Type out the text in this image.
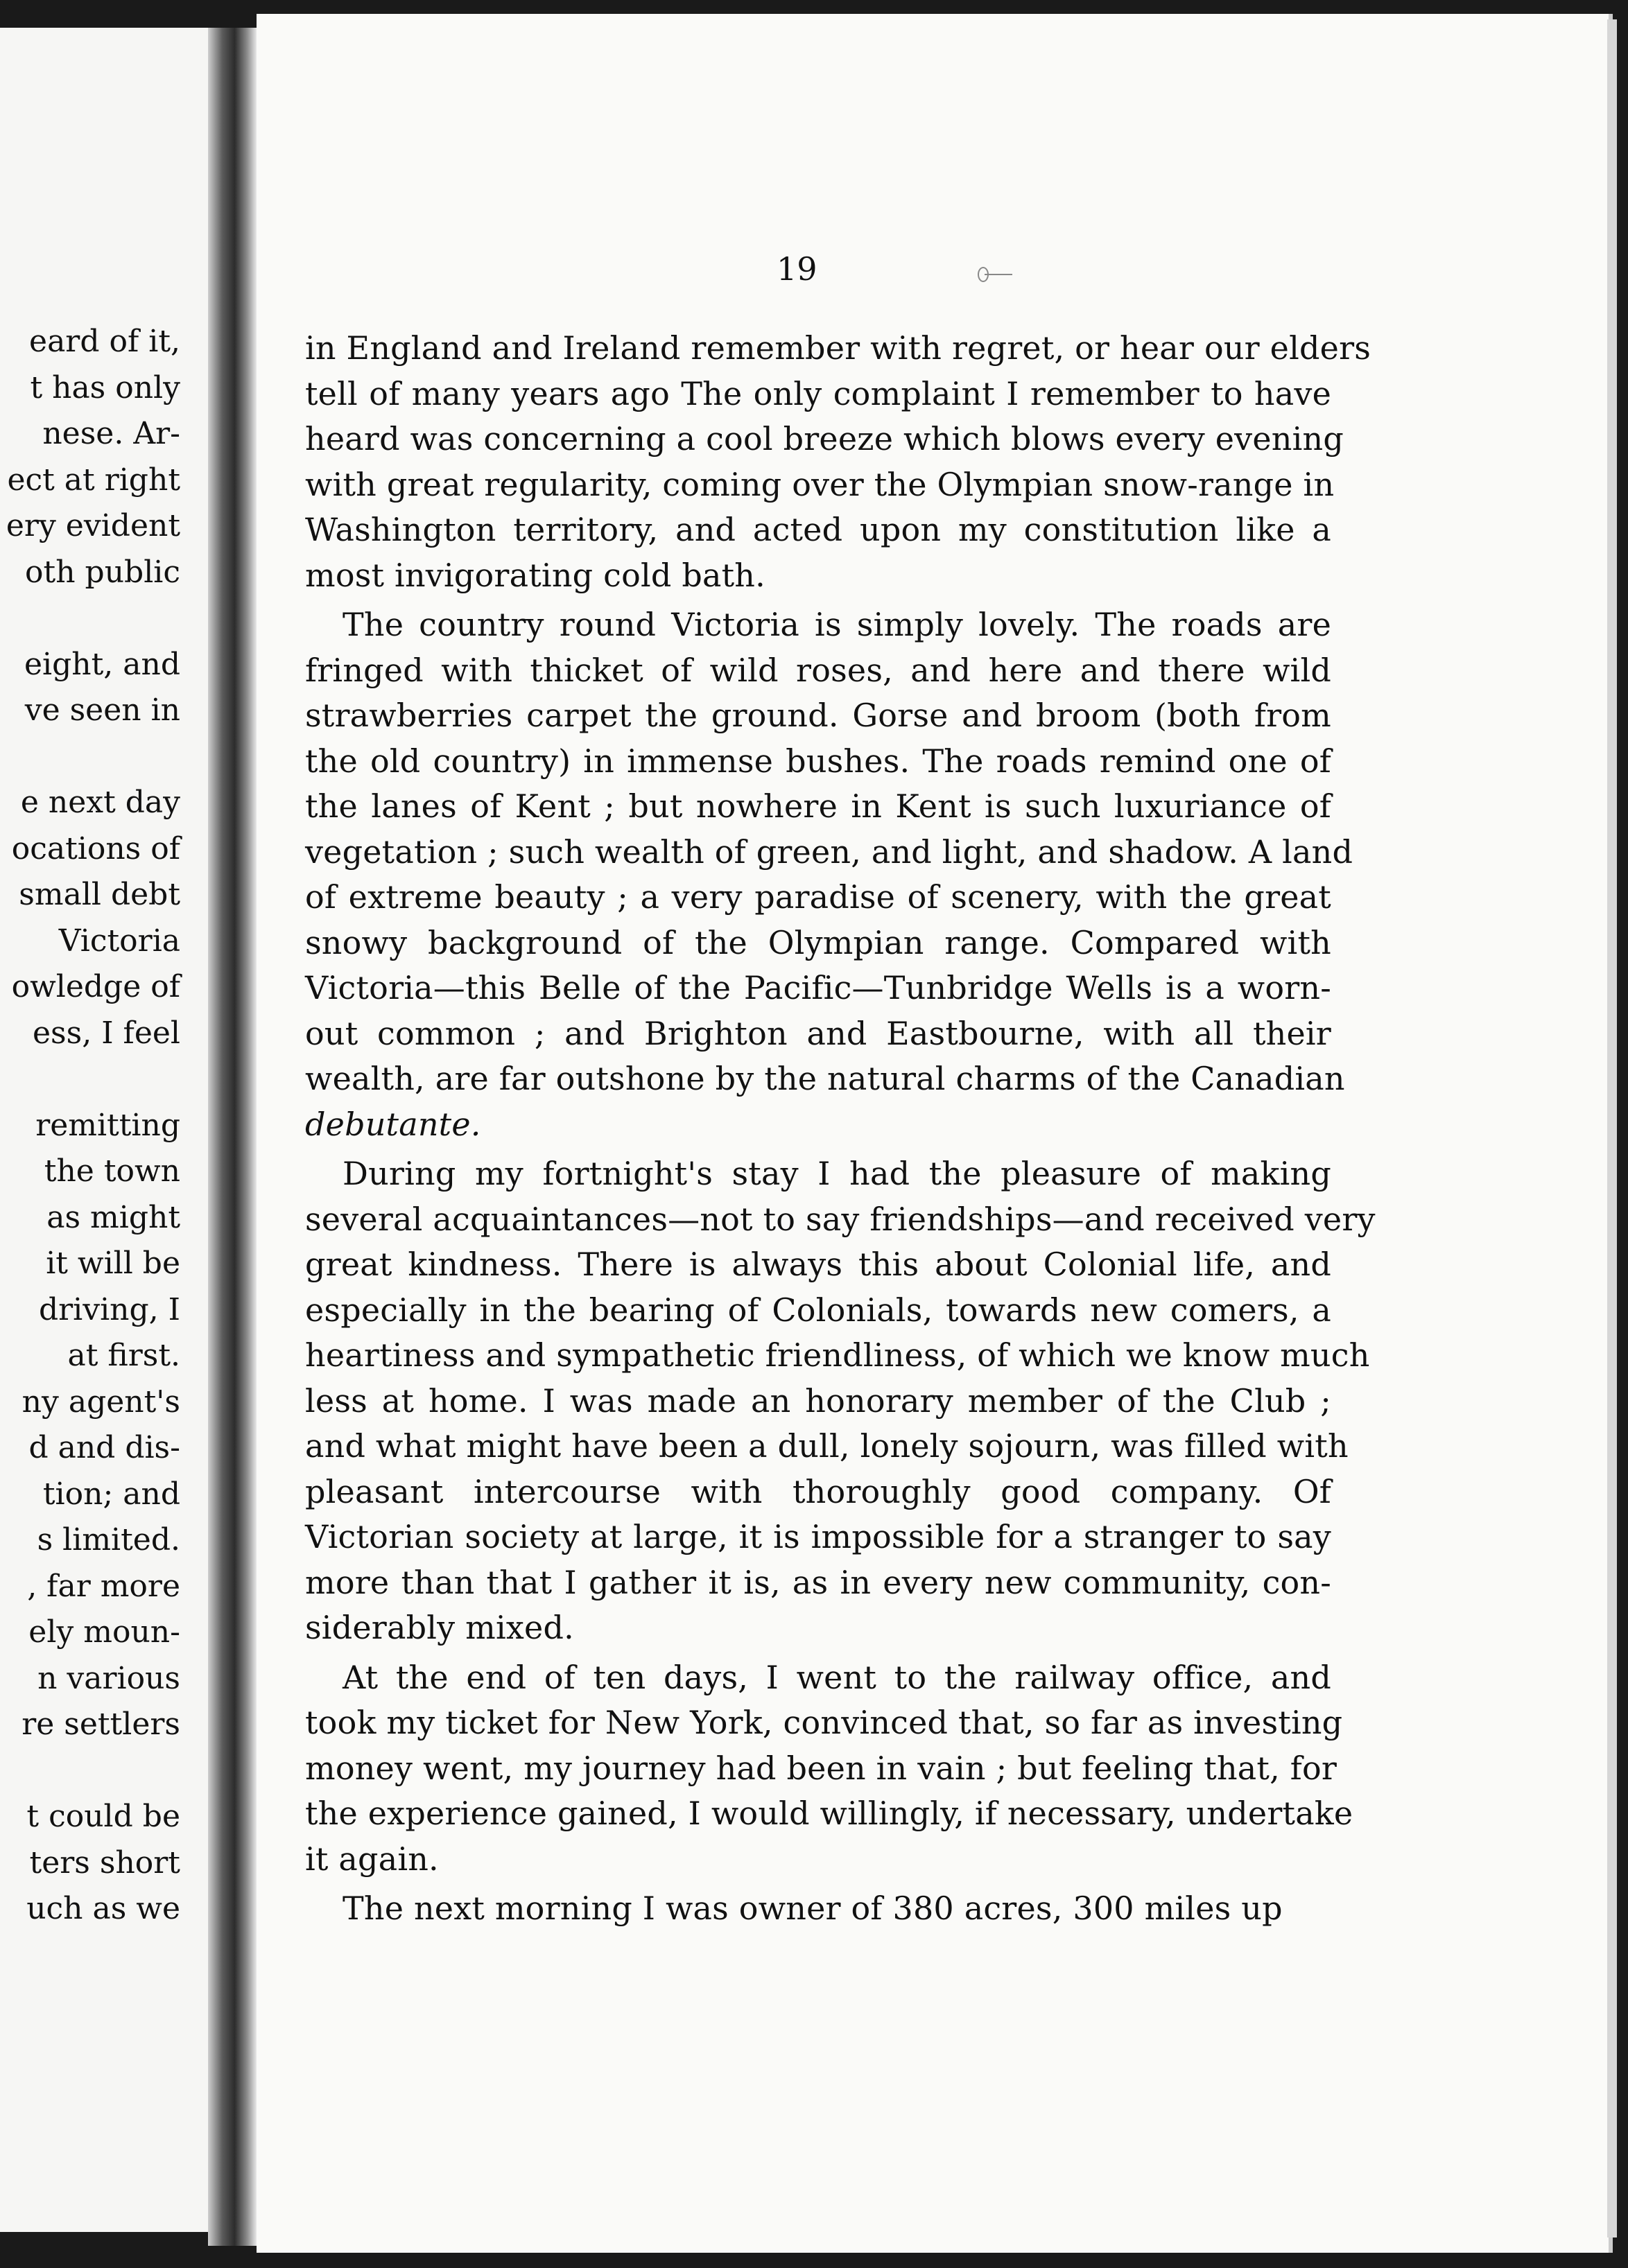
eard of it,
t has only
nese. Ar-
ect at right
ery evident
oth public
eight, and
ve seen in
e next day
ocations of
small debt
Victoria
owledge of
ess, I feel
remitting
the town
as might
it will be
driving, I
at first.
ny agent's
d and dis-
tion; and
s limited.
, far more
ely moun-
n various
re settlers
t could be
ters short
uch as we
19
in England and Ireland remember with regret, or hear our elders
tell of many years ago The only complaint I remember to have
heard was concerning a cool breeze which blows every evening
with great regularity, coming over the Olympian snow-range in
Washington territory, and acted upon my constitution like a
most invigorating cold bath.
The country round Victoria is simply lovely. The roads are
fringed with thicket of wild roses, and here and there wild
strawberries carpet the ground. Gorse and broom (both from
the old country) in immense bushes. The roads remind one of
the lanes of Kent ; but nowhere in Kent is such luxuriance of
vegetation ; such wealth of green, and light, and shadow. A land
of extreme beauty ; a very paradise of scenery, with the great
snowy background of the Olympian range. Compared with
Victoria—this Belle of the Pacific—Tunbridge Wells is a worn-
out common ; and Brighton and Eastbourne, with all their
wealth, are far outshone by the natural charms of the Canadian
debutante.
During my fortnight's stay I had the pleasure of making
several acquaintances—not to say friendships—and received very
great kindness. There is always this about Colonial life, and
especially in the bearing of Colonials, towards new comers, a
heartiness and sympathetic friendliness, of which we know much
less at home. I was made an honorary member of the Club ;
and what might have been a dull, lonely sojourn, was filled with
pleasant intercourse with thoroughly good company. Of
Victorian society at large, it is impossible for a stranger to say
more than that I gather it is, as in every new community, con-
siderably mixed.
At the end of ten days, I went to the railway office, and
took my ticket for New York, convinced that, so far as investing
money went, my journey had been in vain ; but feeling that, for
the experience gained, I would willingly, if necessary, undertake
it again.
The next morning I was owner of 380 acres, 300 miles up
